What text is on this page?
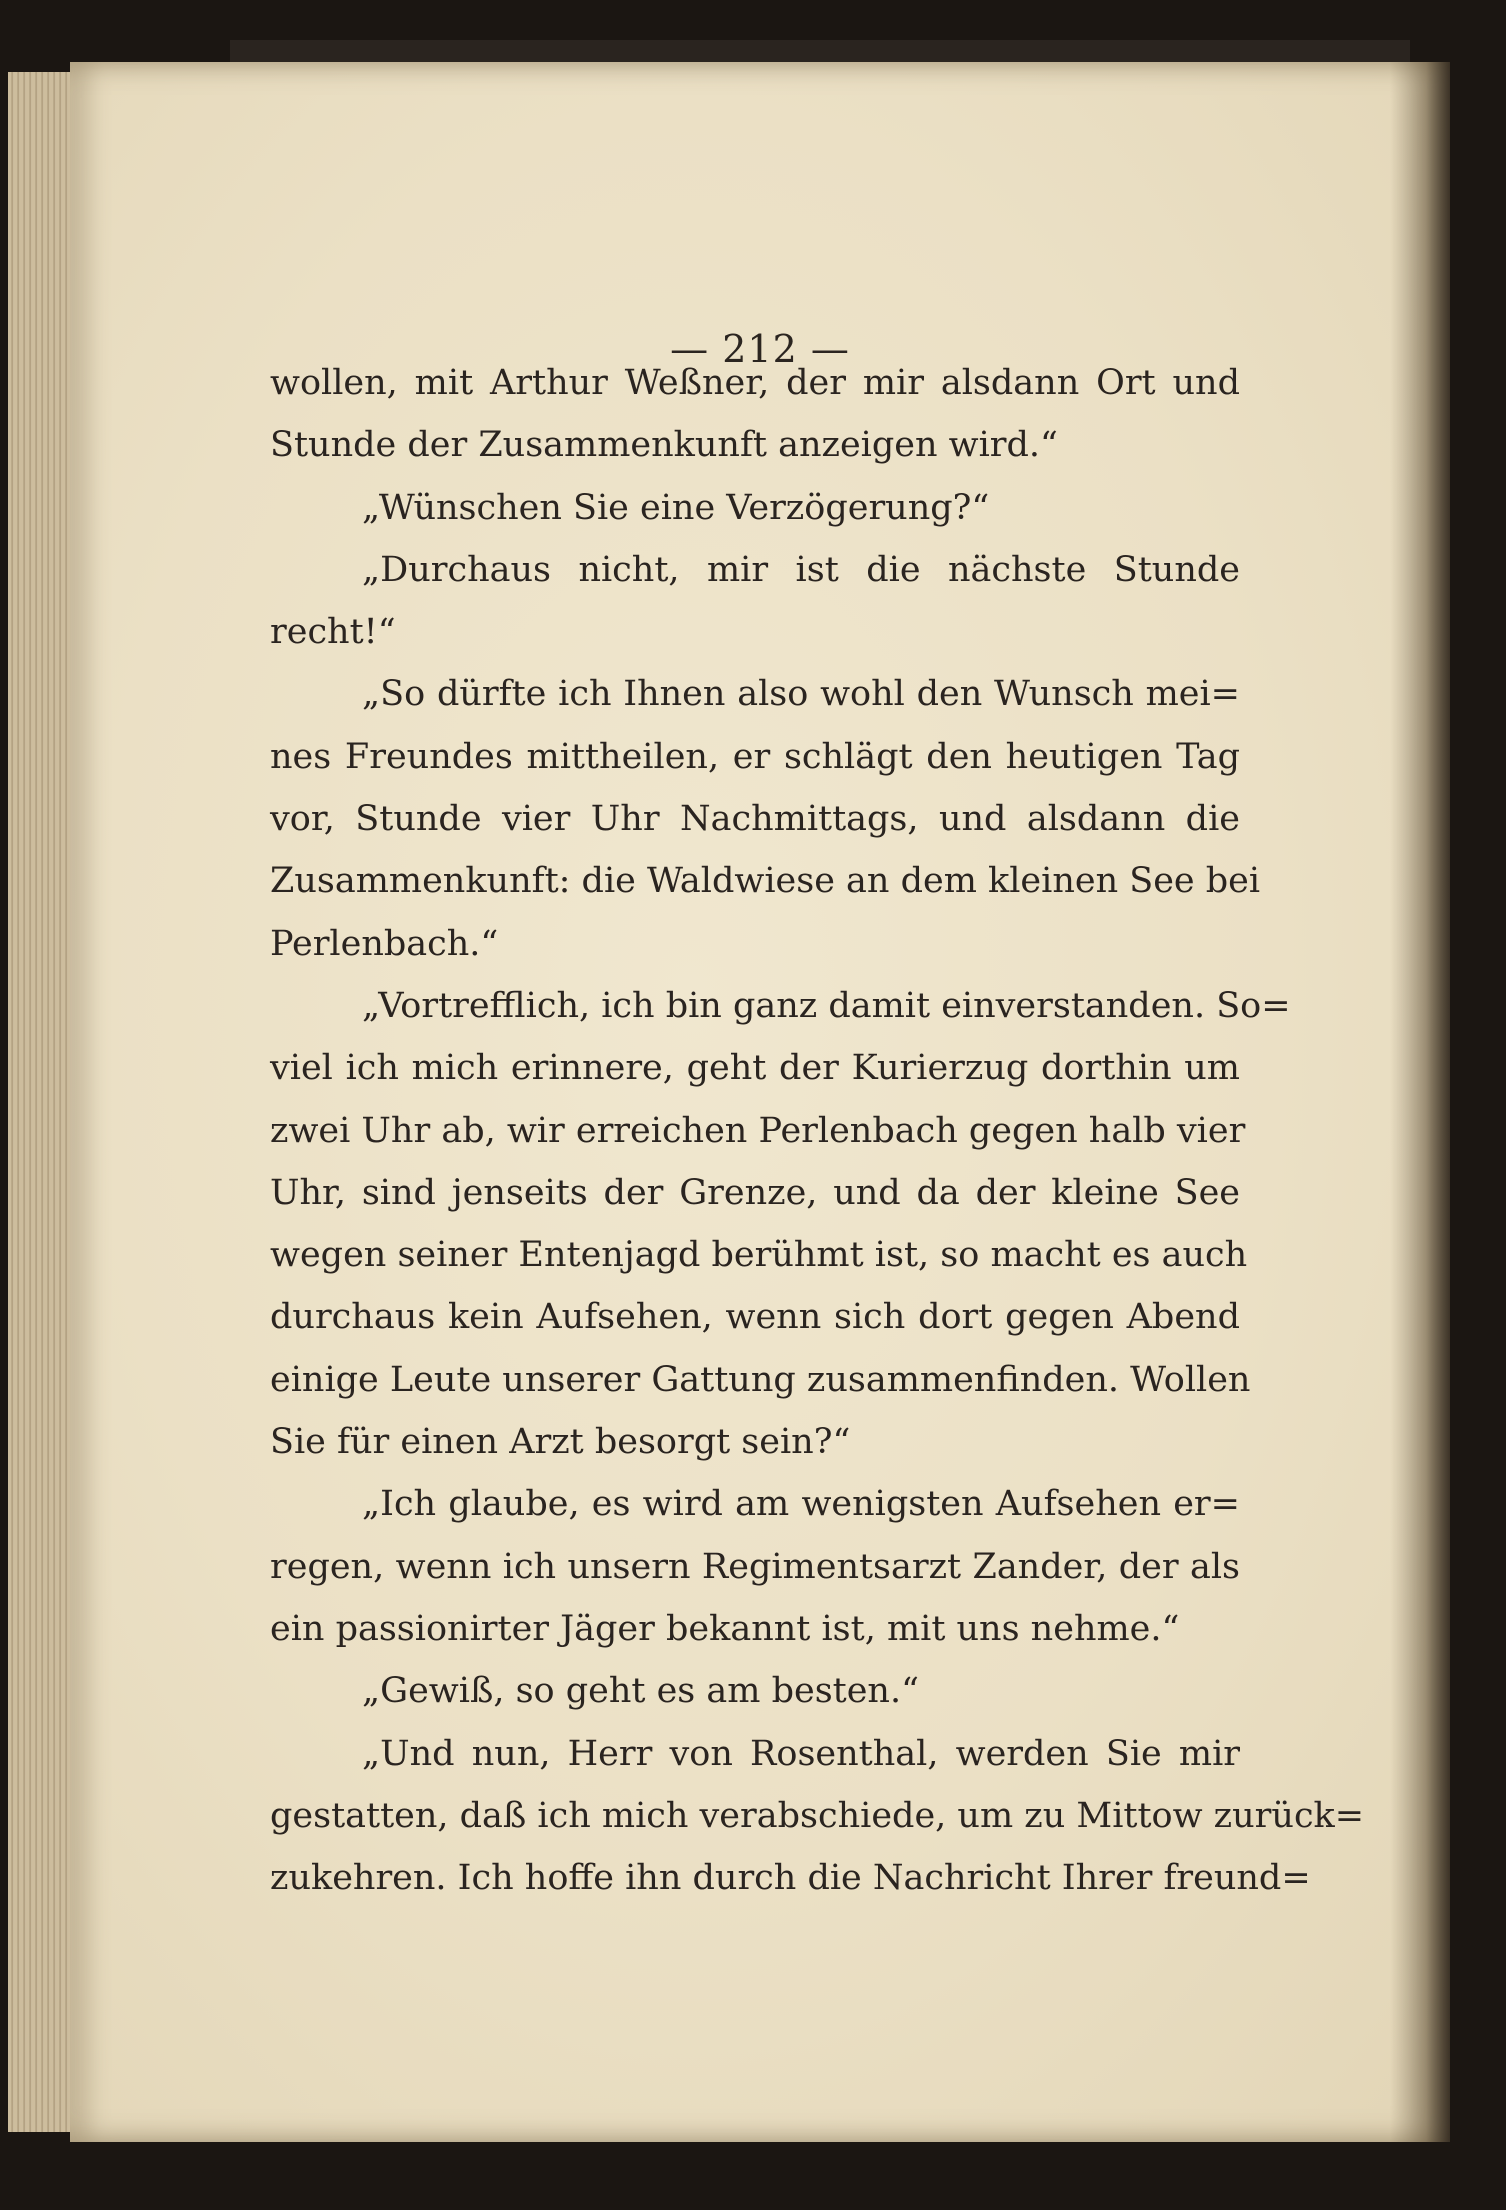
— 212 —
wollen, mit Arthur Weßner, der mir alsdann Ort und
Stunde der Zusammenkunft anzeigen wird.“
„Wünschen Sie eine Verzögerung?“
„Durchaus nicht, mir ist die nächste Stunde
recht!“
„So dürfte ich Ihnen also wohl den Wunsch mei=
nes Freundes mittheilen, er schlägt den heutigen Tag
vor, Stunde vier Uhr Nachmittags, und alsdann die
Zusammenkunft: die Waldwiese an dem kleinen See bei
Perlenbach.“
„Vortrefflich, ich bin ganz damit einverstanden. So=
viel ich mich erinnere, geht der Kurierzug dorthin um
zwei Uhr ab, wir erreichen Perlenbach gegen halb vier
Uhr, sind jenseits der Grenze, und da der kleine See
wegen seiner Entenjagd berühmt ist, so macht es auch
durchaus kein Aufsehen, wenn sich dort gegen Abend
einige Leute unserer Gattung zusammenfinden. Wollen
Sie für einen Arzt besorgt sein?“
„Ich glaube, es wird am wenigsten Aufsehen er=
regen, wenn ich unsern Regimentsarzt Zander, der als
ein passionirter Jäger bekannt ist, mit uns nehme.“
„Gewiß, so geht es am besten.“
„Und nun, Herr von Rosenthal, werden Sie mir
gestatten, daß ich mich verabschiede, um zu Mittow zurück=
zukehren. Ich hoffe ihn durch die Nachricht Ihrer freund=
